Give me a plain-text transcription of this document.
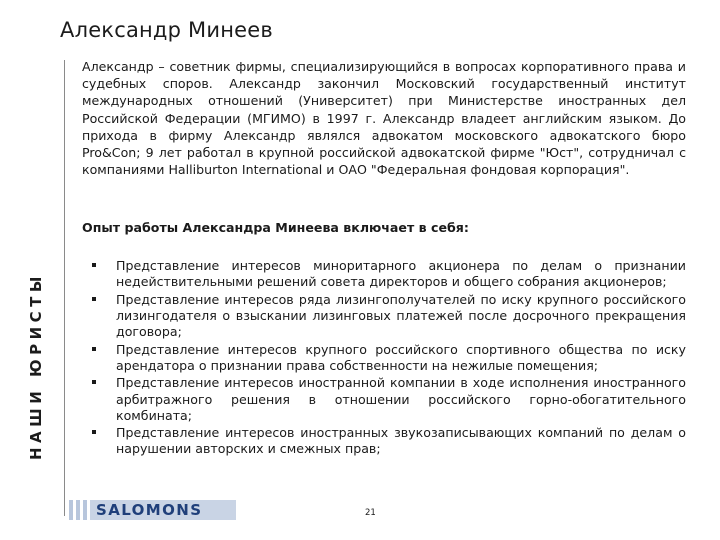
Александр Минеев
НАШИ ЮРИСТЫ

Александр – советник фирмы, специализирующийся в вопросах корпоративного права и судебных споров. Александр закончил Московский государственный институт международных отношений (Университет) при Министерстве иностранных дел Российской Федерации (МГИМО) в 1997 г. Александр владеет английским языком. До прихода в фирму Александр являлся адвокатом московского адвокатского бюро Pro&Con; 9 лет работал в крупной российской адвокатской фирме "Юст", сотрудничал с компаниями Halliburton International и ОАО "Федеральная фондовая корпорация".

Опыт работы Александра Минеева включает в себя:

Представление интересов миноритарного акционера по делам о признании недействительными решений совета директоров и общего собрания акционеров;
Представление интересов ряда лизингополучателей по иску крупного российского лизингодателя о взыскании лизинговых платежей после досрочного прекращения договора;
Представление интересов крупного российского спортивного общества по иску арендатора о признании права собственности на нежилые помещения;
Представление интересов иностранной компании в ходе исполнения иностранного арбитражного решения в отношении российского горно-обогатительного комбината;
Представление интересов иностранных звукозаписывающих компаний по делам о нарушении авторских и смежных прав;
SALOMONS	21
